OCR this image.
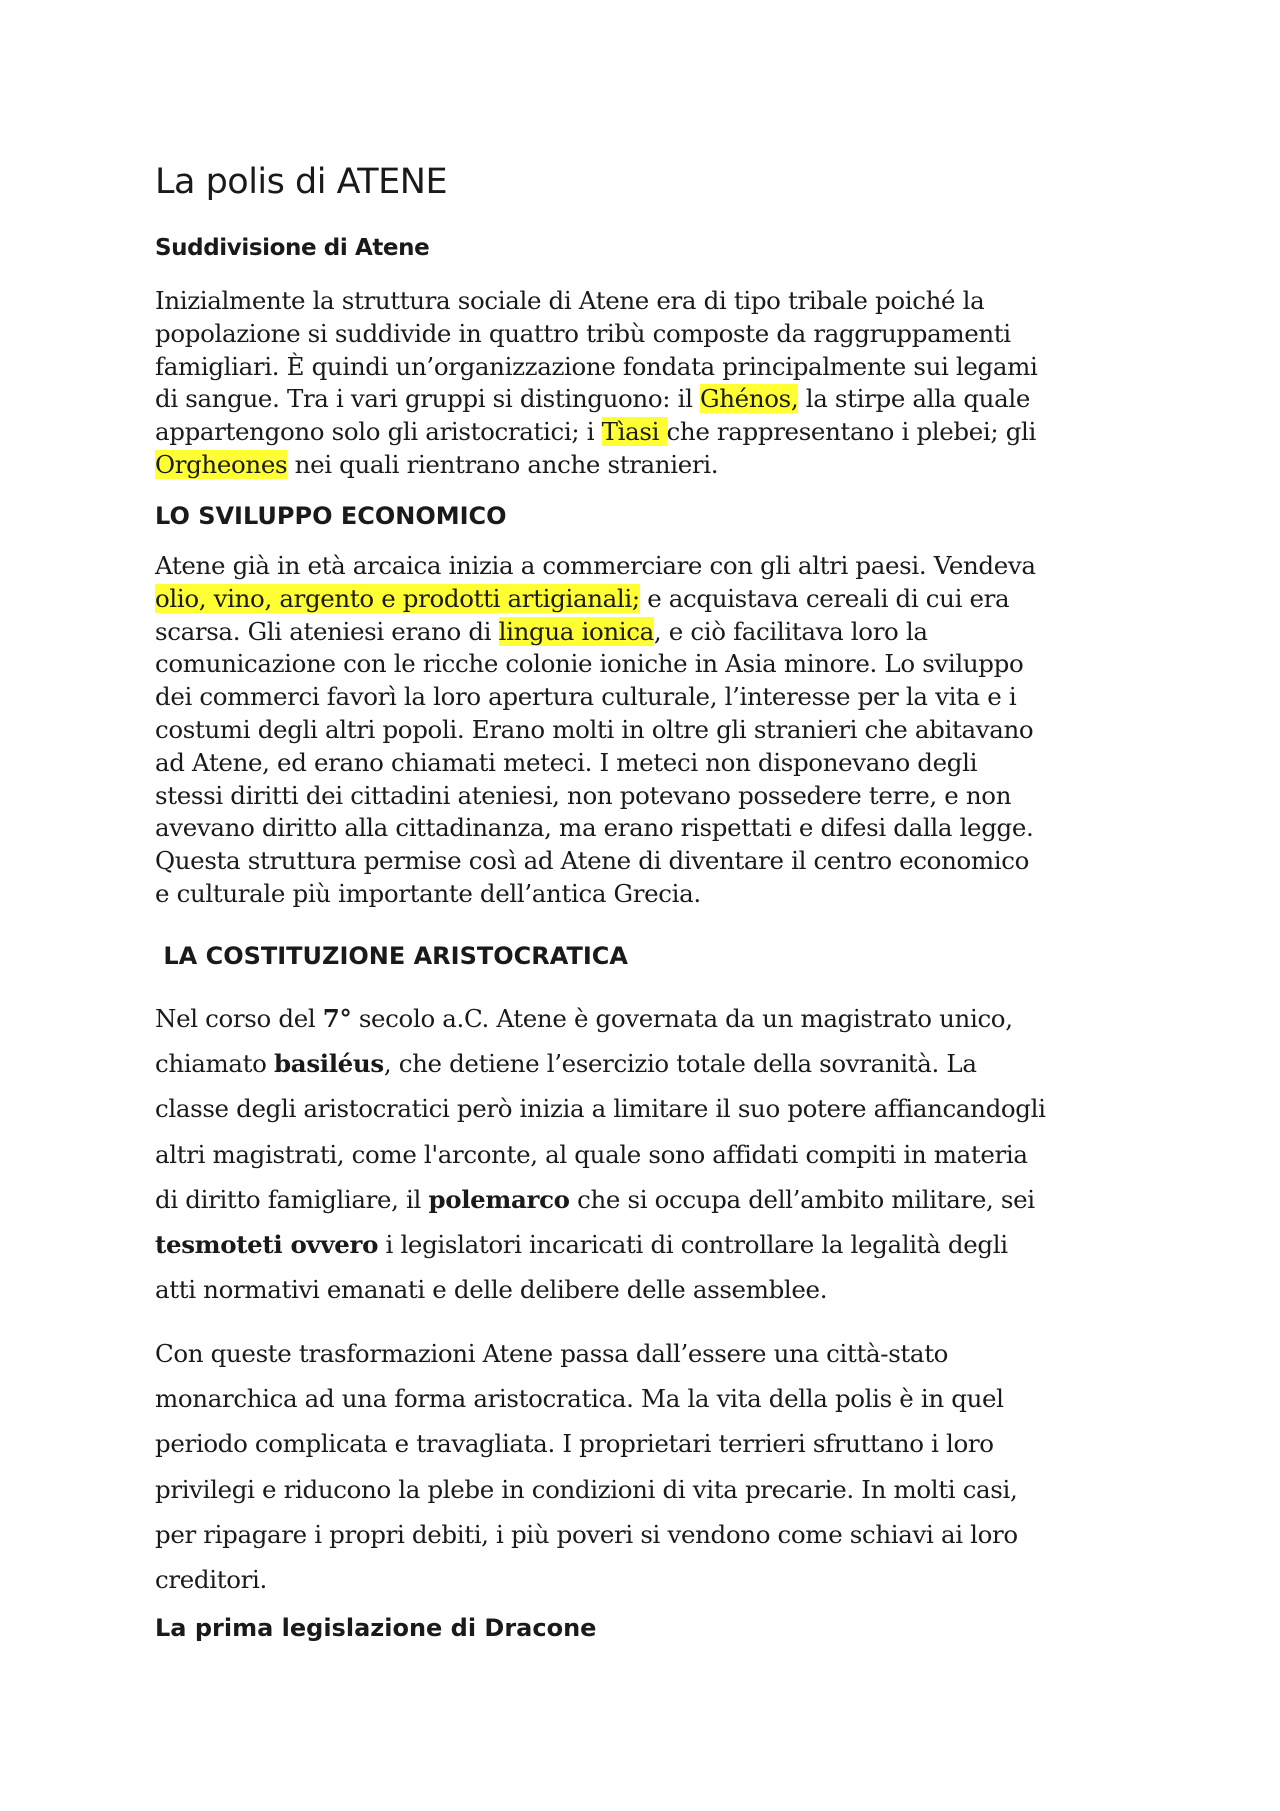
La polis di ATENE
Suddivisione di Atene
Inizialmente la struttura sociale di Atene era di tipo tribale poiché la
popolazione si suddivide in quattro tribù composte da raggruppamenti
famigliari. È quindi un’organizzazione fondata principalmente sui legami
di sangue. Tra i vari gruppi si distinguono: il Ghénos, la stirpe alla quale
appartengono solo gli aristocratici; i Tìasi che rappresentano i plebei; gli
Orgheones nei quali rientrano anche stranieri.
LO SVILUPPO ECONOMICO
Atene già in età arcaica inizia a commerciare con gli altri paesi. Vendeva
olio, vino, argento e prodotti artigianali; e acquistava cereali di cui era
scarsa. Gli ateniesi erano di lingua ionica, e ciò facilitava loro la
comunicazione con le ricche colonie ioniche in Asia minore. Lo sviluppo
dei commerci favorì la loro apertura culturale, l’interesse per la vita e i
costumi degli altri popoli. Erano molti in oltre gli stranieri che abitavano
ad Atene, ed erano chiamati meteci. I meteci non disponevano degli
stessi diritti dei cittadini ateniesi, non potevano possedere terre, e non
avevano diritto alla cittadinanza, ma erano rispettati e difesi dalla legge.
Questa struttura permise così ad Atene di diventare il centro economico
e culturale più importante dell’antica Grecia.
LA COSTITUZIONE ARISTOCRATICA
Nel corso del 7° secolo a.C. Atene è governata da un magistrato unico,
chiamato basiléus, che detiene l’esercizio totale della sovranità. La
classe degli aristocratici però inizia a limitare il suo potere affiancandogli
altri magistrati, come l'arconte, al quale sono affidati compiti in materia
di diritto famigliare, il polemarco che si occupa dell’ambito militare, sei
tesmoteti ovvero i legislatori incaricati di controllare la legalità degli
atti normativi emanati e delle delibere delle assemblee.
Con queste trasformazioni Atene passa dall’essere una città-stato
monarchica ad una forma aristocratica. Ma la vita della polis è in quel
periodo complicata e travagliata. I proprietari terrieri sfruttano i loro
privilegi e riducono la plebe in condizioni di vita precarie. In molti casi,
per ripagare i propri debiti, i più poveri si vendono come schiavi ai loro
creditori.
La prima legislazione di Dracone
